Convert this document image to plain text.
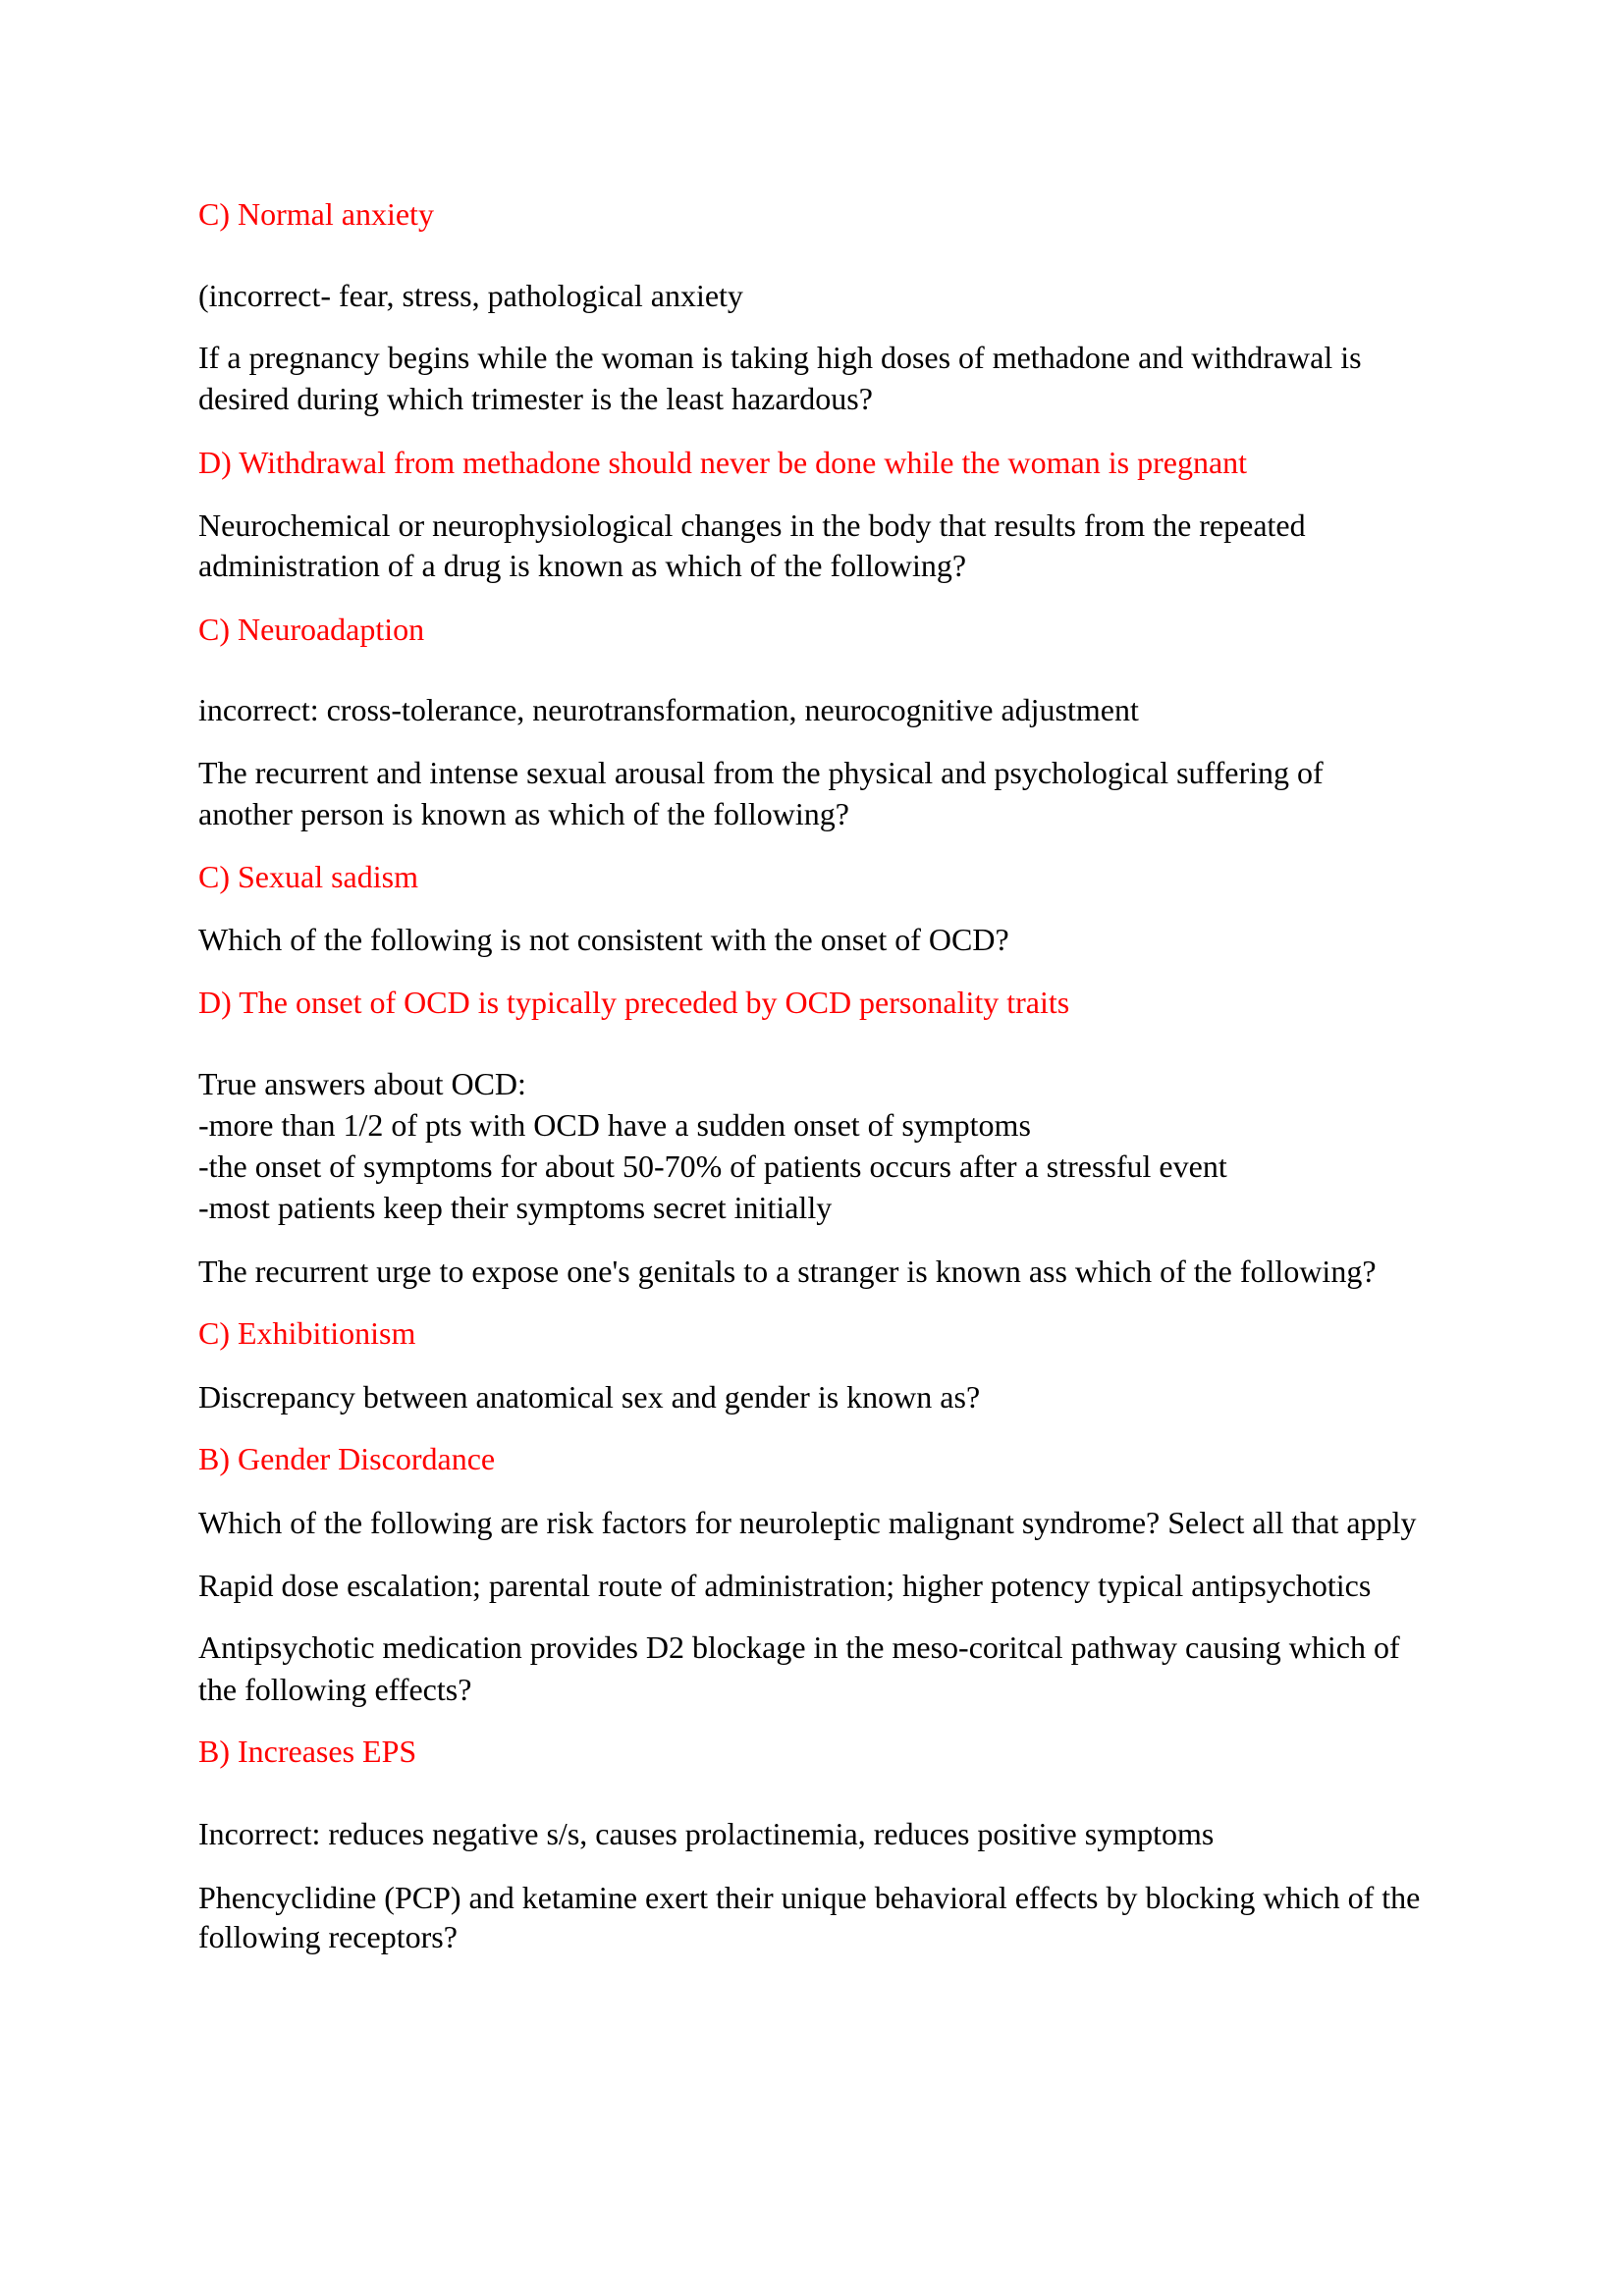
C) Normal anxiety
(incorrect- fear, stress, pathological anxiety
If a pregnancy begins while the woman is taking high doses of methadone and withdrawal is
desired during which trimester is the least hazardous?
D) Withdrawal from methadone should never be done while the woman is pregnant
Neurochemical or neurophysiological changes in the body that results from the repeated
administration of a drug is known as which of the following?
C) Neuroadaption
incorrect: cross-tolerance, neurotransformation, neurocognitive adjustment
The recurrent and intense sexual arousal from the physical and psychological suffering of
another person is known as which of the following?
C) Sexual sadism
Which of the following is not consistent with the onset of OCD?
D) The onset of OCD is typically preceded by OCD personality traits
True answers about OCD:
-more than 1/2 of pts with OCD have a sudden onset of symptoms
-the onset of symptoms for about 50-70% of patients occurs after a stressful event
-most patients keep their symptoms secret initially
The recurrent urge to expose one's genitals to a stranger is known ass which of the following?
C) Exhibitionism
Discrepancy between anatomical sex and gender is known as?
B) Gender Discordance
Which of the following are risk factors for neuroleptic malignant syndrome? Select all that apply
Rapid dose escalation; parental route of administration; higher potency typical antipsychotics
Antipsychotic medication provides D2 blockage in the meso-coritcal pathway causing which of
the following effects?
B) Increases EPS
Incorrect: reduces negative s/s, causes prolactinemia, reduces positive symptoms
Phencyclidine (PCP) and ketamine exert their unique behavioral effects by blocking which of the
following receptors?
